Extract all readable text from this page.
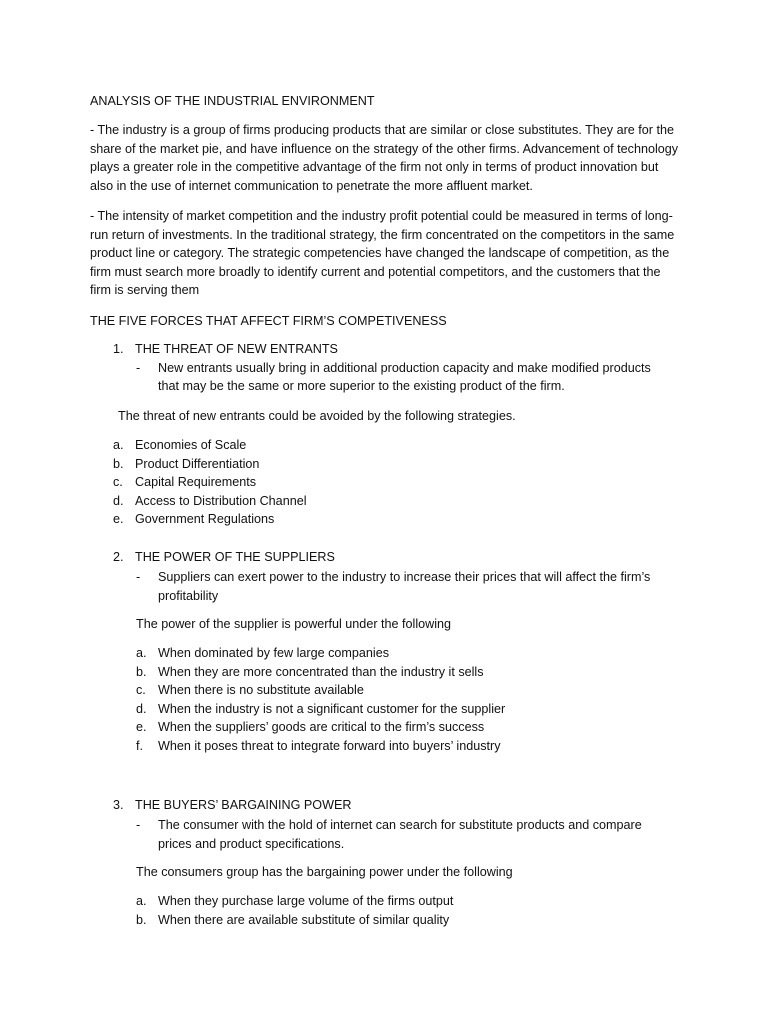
ANALYSIS OF THE INDUSTRIAL ENVIRONMENT

- The industry is a group of firms producing products that are similar or close substitutes. They are for the share of the market pie, and have influence on the strategy of the other firms. Advancement of technology plays a greater role in the competitive advantage of the firm not only in terms of product innovation but also in the use of internet communication to penetrate the more affluent market.

- The intensity of market competition and the industry profit potential could be measured in terms of long-run return of investments. In the traditional strategy, the firm concentrated on the competitors in the same product line or category. The strategic competencies have changed the landscape of competition, as the firm must search more broadly to identify current and potential competitors, and the customers that the firm is serving them

THE FIVE FORCES THAT AFFECT FIRM’S COMPETIVENESS
1. THE THREAT OF NEW ENTRANTS
- New entrants usually bring in additional production capacity and make modified products that may be the same or more superior to the existing product of the firm.
The threat of new entrants could be avoided by the following strategies.
a. Economies of Scale
b. Product Differentiation
c. Capital Requirements
d. Access to Distribution Channel
e. Government Regulations
2. THE POWER OF THE SUPPLIERS
- Suppliers can exert power to the industry to increase their prices that will affect the firm’s profitability
The power of the supplier is powerful under the following
a. When dominated by few large companies
b. When they are more concentrated than the industry it sells
c. When there is no substitute available
d. When the industry is not a significant customer for the supplier
e. When the suppliers’ goods are critical to the firm’s success
f. When it poses threat to integrate forward into buyers’ industry
3. THE BUYERS’ BARGAINING POWER
- The consumer with the hold of internet can search for substitute products and compare prices and product specifications.
The consumers group has the bargaining power under the following
a. When they purchase large volume of the firms output
b. When there are available substitute of similar quality
